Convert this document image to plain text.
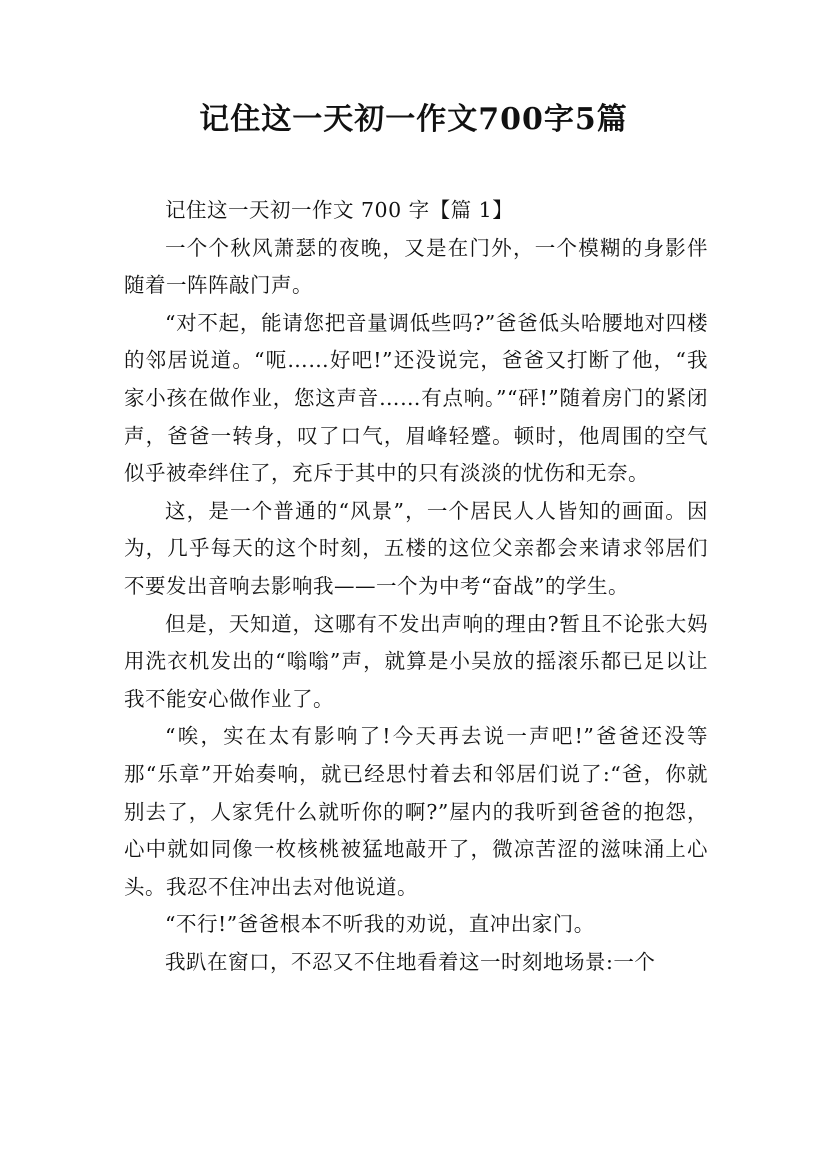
记住这一天初一作文700字5篇

记住这一天初一作文 700 字【篇 1】

一个个秋风萧瑟的夜晚，又是在门外，一个模糊的身影伴随着一阵阵敲门声。

“对不起，能请您把音量调低些吗?”爸爸低头哈腰地对四楼的邻居说道。“呃……好吧!”还没说完，爸爸又打断了他，“我家小孩在做作业，您这声音……有点响。”“砰!”随着房门的紧闭声，爸爸一转身，叹了口气，眉峰轻蹙。顿时，他周围的空气似乎被牵绊住了，充斥于其中的只有淡淡的忧伤和无奈。

这，是一个普通的“风景”，一个居民人人皆知的画面。因为，几乎每天的这个时刻，五楼的这位父亲都会来请求邻居们不要发出音响去影响我——一个为中考“奋战”的学生。

但是，天知道，这哪有不发出声响的理由?暂且不论张大妈用洗衣机发出的“嗡嗡”声，就算是小吴放的摇滚乐都已足以让我不能安心做作业了。

“唉，实在太有影响了!今天再去说一声吧!”爸爸还没等那“乐章”开始奏响，就已经思忖着去和邻居们说了:“爸，你就别去了，人家凭什么就听你的啊?”屋内的我听到爸爸的抱怨，心中就如同像一枚核桃被猛地敲开了，微凉苦涩的滋味涌上心头。我忍不住冲出去对他说道。

“不行!”爸爸根本不听我的劝说，直冲出家门。

我趴在窗口，不忍又不住地看着这一时刻地场景:一个
